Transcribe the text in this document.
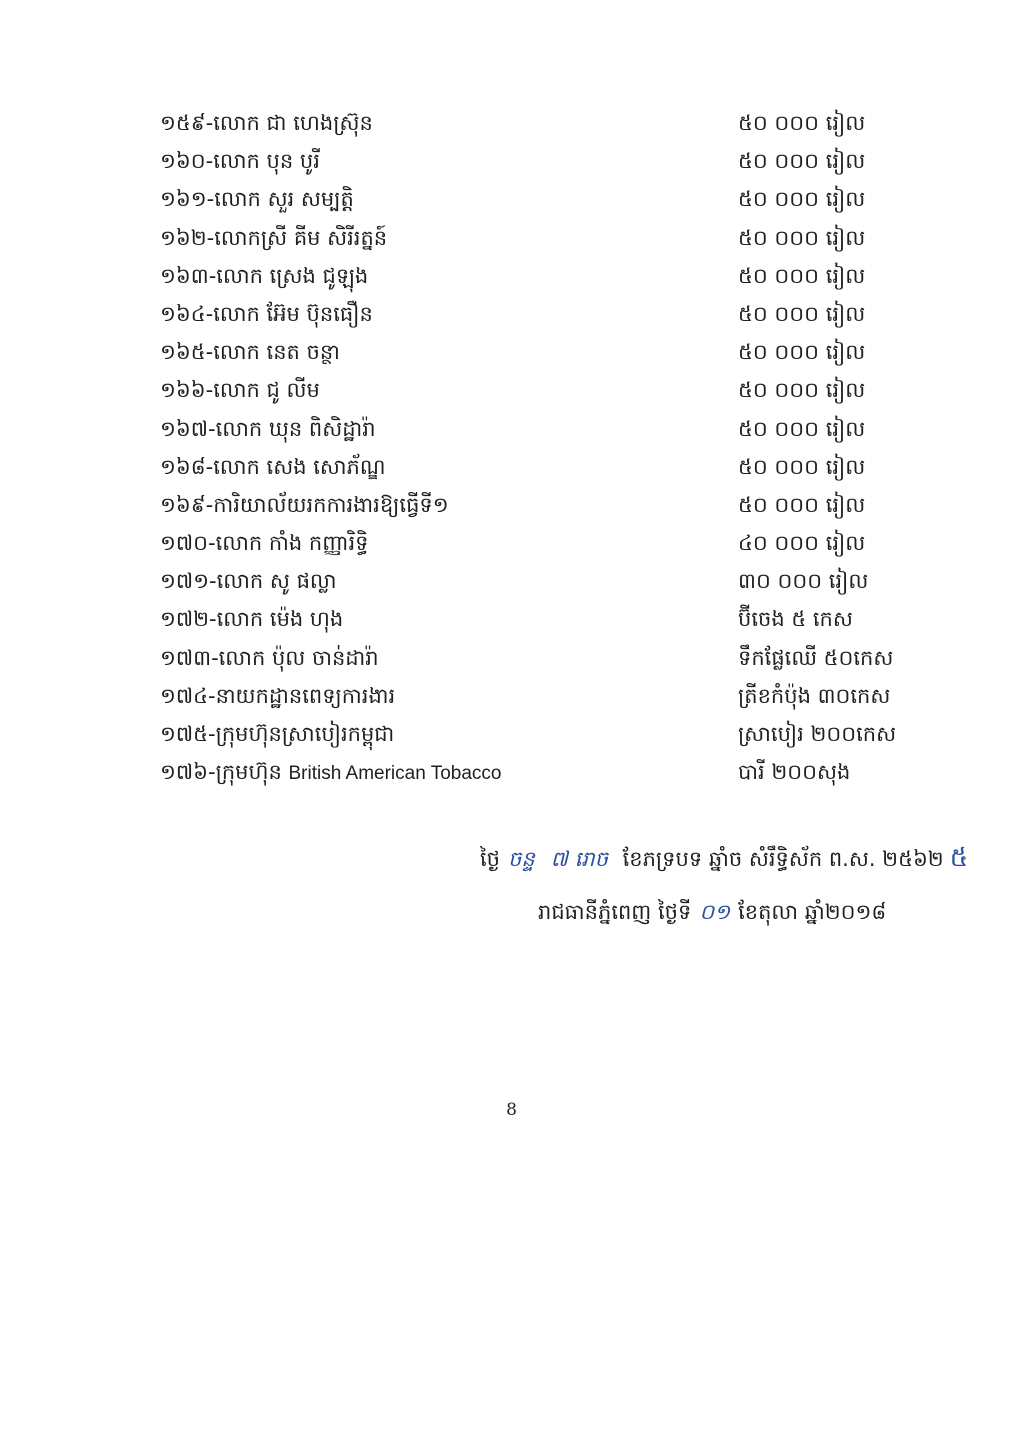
១៥៩-លោក ជា ហេងស្រ៊ុន	៥០ ០០០ រៀល
១៦០-លោក បុន បូរី	៥០ ០០០ រៀល
១៦១-លោក សួរ សម្បត្តិ	៥០ ០០០ រៀល
១៦២-លោកស្រី គីម សិរីរត្នន៍	៥០ ០០០ រៀល
១៦៣-លោក ស្រេង ជូឡុង	៥០ ០០០ រៀល
១៦៤-លោក អ៊ែម ប៊ុនធឿន	៥០ ០០០ រៀល
១៦៥-លោក នេត ចន្ថា	៥០ ០០០ រៀល
១៦៦-លោក ជូ លីម	៥០ ០០០ រៀល
១៦៧-លោក ឃុន ពិសិដ្ឋារ៉ា	៥០ ០០០ រៀល
១៦៨-លោក សេង សោភ័ណ្ឌ	៥០ ០០០ រៀល
១៦៩-ការិយាល័យរកការងារឱ្យធ្វើទី១	៥០ ០០០ រៀល
១៧០-លោក កាំង កញ្ញារិទ្ធិ	៤០ ០០០ រៀល
១៧១-លោក សូ ផល្លា	៣០ ០០០ រៀល
១៧២-លោក ម៉េង ហុង	ប៊ីចេង ៥ កេស
១៧៣-លោក ប៉ុល ចាន់ដារ៉ា	ទឹកផ្លែឈើ ៥០កេស
១៧៤-នាយកដ្ឋានពេទ្យការងារ	ត្រីខកំប៉ុង ៣០កេស
១៧៥-ក្រុមហ៊ុនស្រាបៀរកម្ពុជា	ស្រាបៀរ ២០០កេស
១៧៦-ក្រុមហ៊ុន British American Tobacco	បារី ២០០សុង
ថ្ងៃ ចន្ទ ៧ រោច ខែភទ្របទ ឆ្នាំច សំរឹទ្ធិស័ក ព.ស. ២៥៦២ ៥
រាជធានីភ្នំពេញ ថ្ងៃទី ០១ ខែតុលា ឆ្នាំ២០១៨
8
